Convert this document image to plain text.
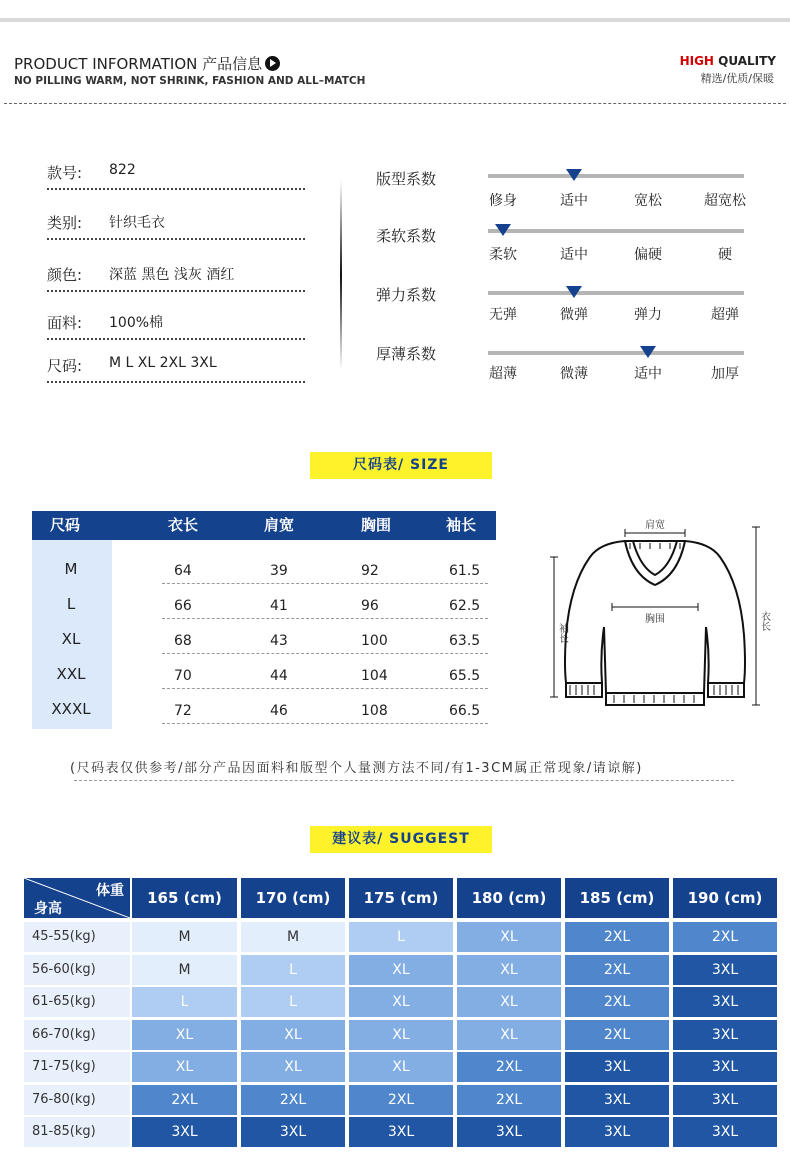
PRODUCT INFORMATION 产品信息
NO PILLING WARM, NOT SHRINK, FASHION AND ALL–MATCH
HIGH QUALITY
精选/优质/保暖
款号: 822
类别: 针织毛衣
颜色: 深蓝 黑色 浅灰 酒红
面料: 100%棉
尺码: M L XL 2XL 3XL
版型系数
修身	适中	宽松	超宽松
柔软系数
柔软	适中	偏硬	硬
弹力系数
无弹	微弹	弹力	超弹
厚薄系数
超薄	微薄	适中	加厚
尺码表/ SIZE
尺码	衣长	肩宽	胸围	袖长
M	64	39	92	61.5
L	66	41	96	62.5
XL	68	43	100	63.5
XXL	70	44	104	65.5
XXXL	72	46	108	66.5
肩宽
胸围
袖长
衣长
(尺码表仅供参考/部分产品因面料和版型个人量测方法不同/有1-3CM属正常现象/请谅解)
建议表/ SUGGEST
体重
身高
165 (cm)	170 (cm)	175 (cm)	180 (cm)	185 (cm)	190 (cm)
45-55(kg)	M	M	L	XL	2XL	2XL
56-60(kg)	M	L	XL	XL	2XL	3XL
61-65(kg)	L	L	XL	XL	2XL	3XL
66-70(kg)	XL	XL	XL	XL	2XL	3XL
71-75(kg)	XL	XL	XL	2XL	3XL	3XL
76-80(kg)	2XL	2XL	2XL	2XL	3XL	3XL
81-85(kg)	3XL	3XL	3XL	3XL	3XL	3XL
